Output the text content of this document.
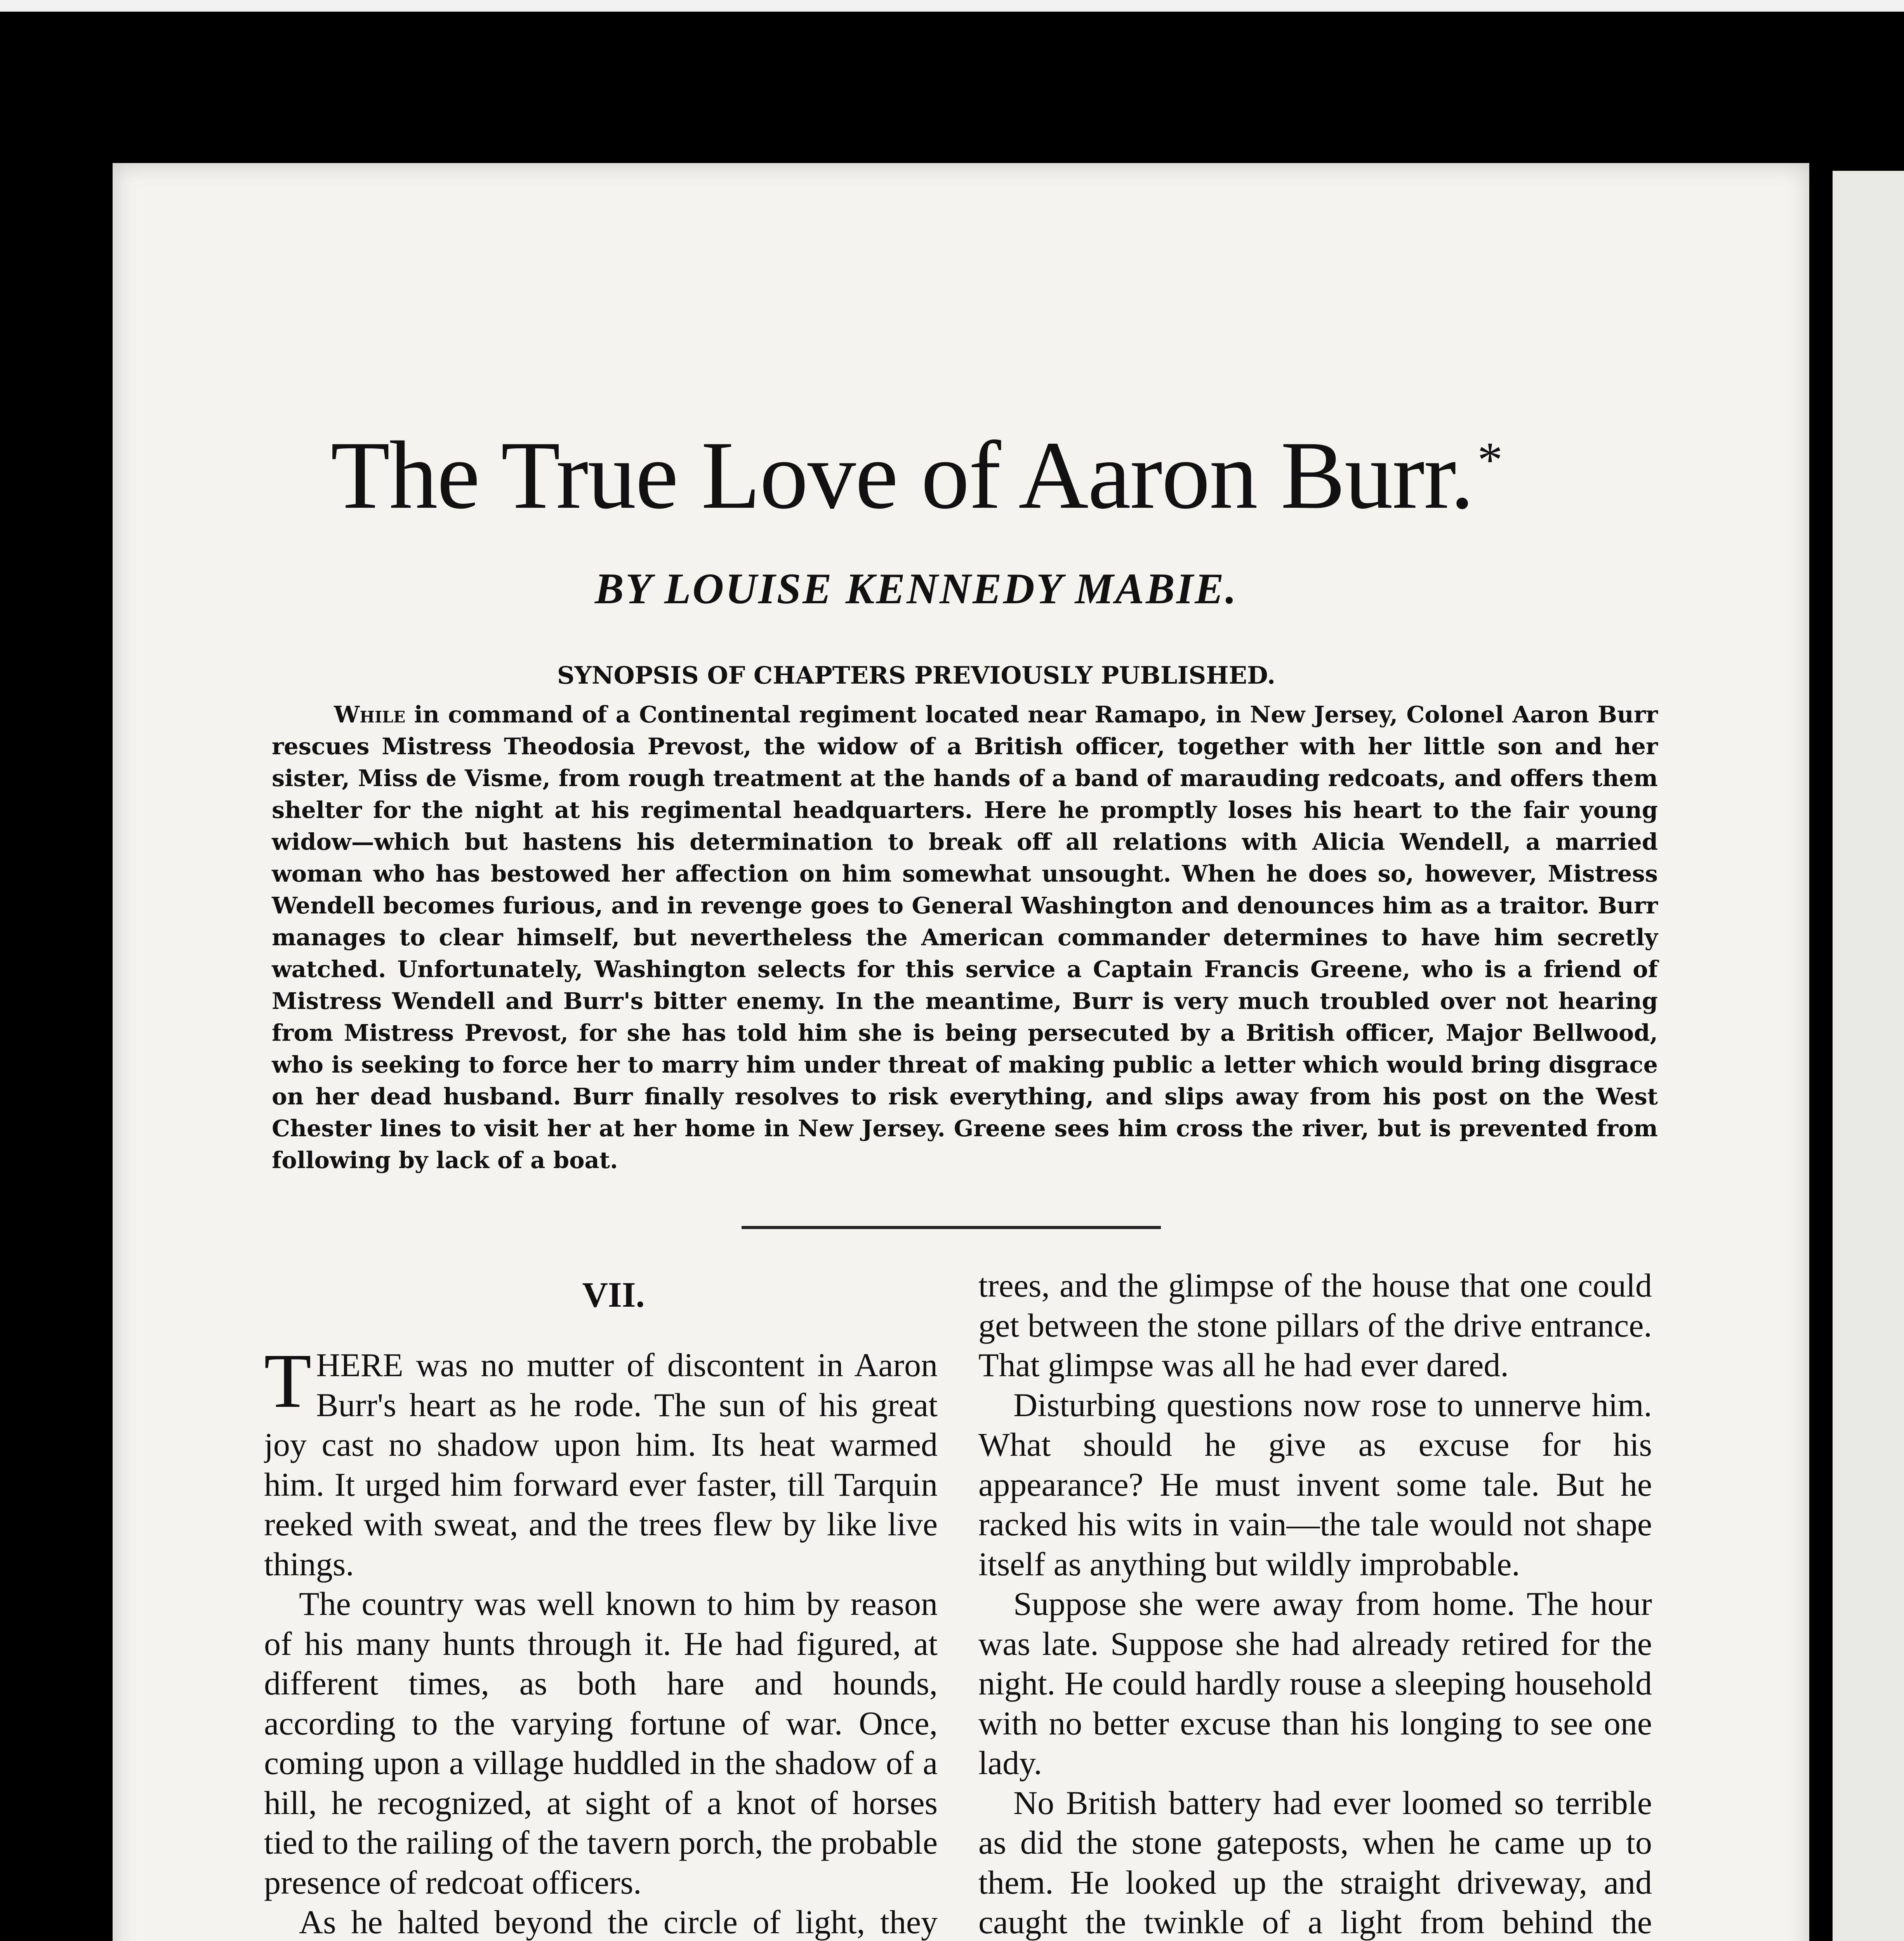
The True Love of Aaron Burr.*
BY LOUISE KENNEDY MABIE.
SYNOPSIS OF CHAPTERS PREVIOUSLY PUBLISHED.

While in command of a Continental regiment located near Ramapo, in New Jersey, Colonel Aaron Burr rescues Mistress Theodosia Prevost, the widow of a British officer, together with her little son and her sister, Miss de Visme, from rough treatment at the hands of a band of marauding redcoats, and offers them shelter for the night at his regimental headquarters. Here he promptly loses his heart to the fair young widow—which but hastens his determination to break off all relations with Alicia Wendell, a married woman who has bestowed her affection on him somewhat unsought. When he does so, however, Mistress Wendell becomes furious, and in revenge goes to General Washington and denounces him as a traitor. Burr manages to clear himself, but nevertheless the American commander determines to have him secretly watched. Unfortunately, Washington selects for this service a Captain Francis Greene, who is a friend of Mistress Wendell and Burr's bitter enemy. In the meantime, Burr is very much troubled over not hearing from Mistress Prevost, for she has told him she is being persecuted by a British officer, Major Bellwood, who is seeking to force her to marry him under threat of making public a letter which would bring disgrace on her dead husband. Burr finally resolves to risk everything, and slips away from his post on the West Chester lines to visit her at her home in New Jersey. Greene sees him cross the river, but is prevented from following by lack of a boat.

VII.

THERE was no mutter of discontent in Aaron Burr's heart as he rode. The sun of his great joy cast no shadow upon him. Its heat warmed him. It urged him forward ever faster, till Tarquin reeked with sweat, and the trees flew by like live things.

The country was well known to him by reason of his many hunts through it. He had figured, at different times, as both hare and hounds, according to the varying fortune of war. Once, coming upon a village huddled in the shadow of a hill, he recognized, at sight of a knot of horses tied to the railing of the tavern porch, the probable presence of redcoat officers.

As he halted beyond the circle of light, they

trees, and the glimpse of the house that one could get between the stone pillars of the drive entrance. That glimpse was all he had ever dared.

Disturbing questions now rose to unnerve him. What should he give as excuse for his appearance? He must invent some tale. But he racked his wits in vain—the tale would not shape itself as anything but wildly improbable.

Suppose she were away from home. The hour was late. Suppose she had already retired for the night. He could hardly rouse a sleeping household with no better excuse than his longing to see one lady.

No British battery had ever loomed so terrible as did the stone gateposts, when he came up to them. He looked up the straight driveway, and caught the twinkle of a light from behind the
